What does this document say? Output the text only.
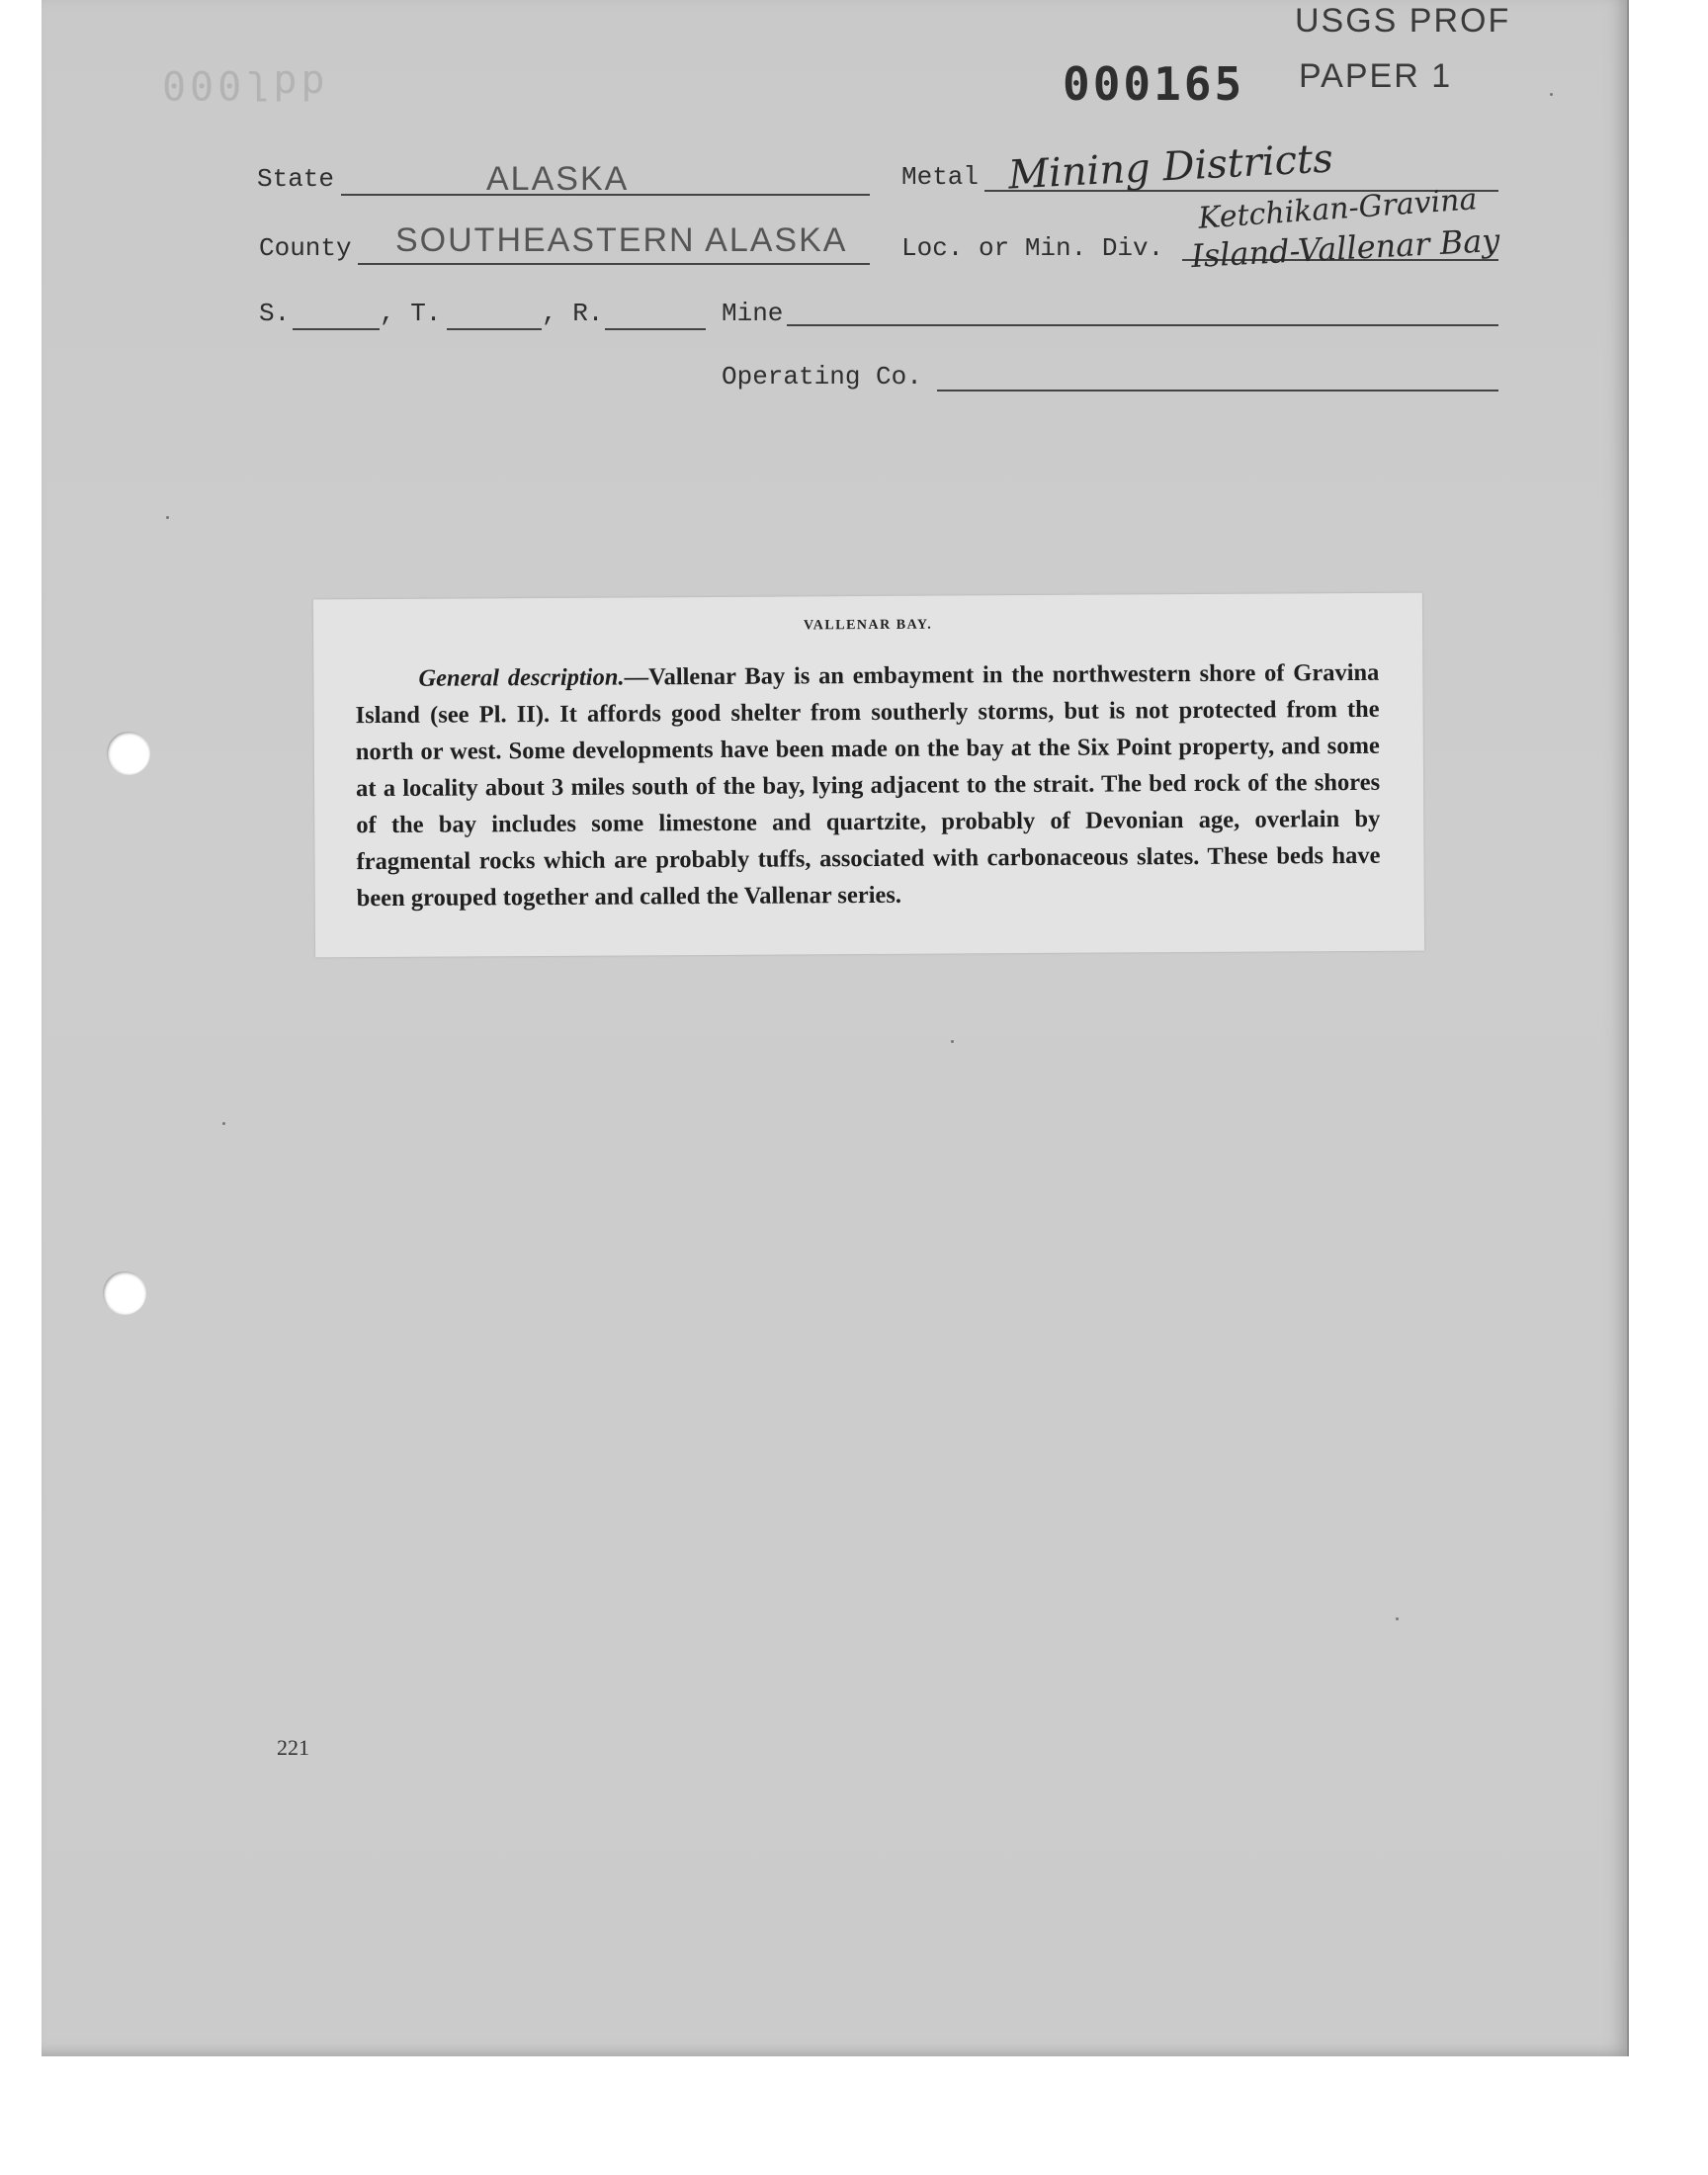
ddl000	000165
USGS PROF
PAPER 1
State	ALASKA	Metal Mining Districts
County SOUTHEASTERN ALASKA Loc. or Min. Div.
Ketchikan-Gravina
Island-Vallenar Bay
S.	, T.	, R.	Mine
Operating Co.
VALLENAR BAY.
General description.—Vallenar Bay is an embayment in the northwestern shore of Gravina Island (see Pl. II). It affords good shelter from southerly storms, but is not protected from the north or west. Some developments have been made on the bay at the Six Point property, and some at a locality about 3 miles south of the bay, lying adjacent to the strait. The bed rock of the shores of the bay includes some limestone and quartzite, probably of Devonian age, overlain by fragmental rocks which are probably tuffs, associated with carbonaceous slates. These beds have been grouped together and called the Vallenar series.
221
